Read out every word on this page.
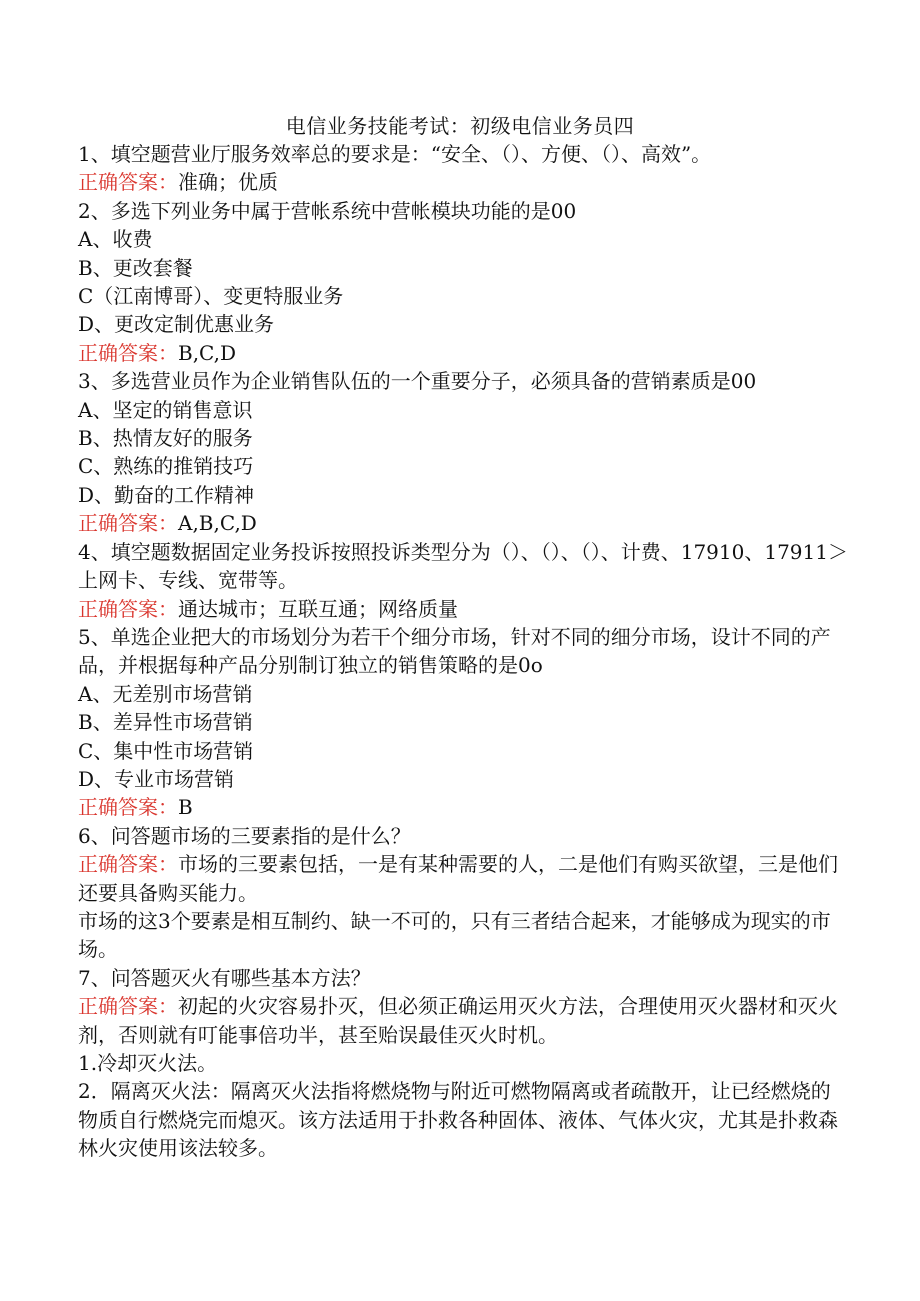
电信业务技能考试：初级电信业务员四
1、填空题营业厅服务效率总的要求是：“安全、（）、方便、（）、高效”。
正确答案：准确；优质
2、多选下列业务中属于营帐系统中营帐模块功能的是00
A、收费
B、更改套餐
C（江南博哥）、变更特服业务
D、更改定制优惠业务
正确答案：B,C,D
3、多选营业员作为企业销售队伍的一个重要分子，必须具备的营销素质是00
A、坚定的销售意识
B、热情友好的服务
C、熟练的推销技巧
D、勤奋的工作精神
正确答案：A,B,C,D
4、填空题数据固定业务投诉按照投诉类型分为（）、（）、（）、计费、17910、17911＞上网卡、专线、宽带等。
正确答案：通达城市；互联互通；网络质量
5、单选企业把大的市场划分为若干个细分市场，针对不同的细分市场，设计不同的产品，并根据每种产品分别制订独立的销售策略的是0o
A、无差别市场营销
B、差异性市场营销
C、集中性市场营销
D、专业市场营销
正确答案：B
6、问答题市场的三要素指的是什么？
正确答案：市场的三要素包括，一是有某种需要的人，二是他们有购买欲望，三是他们还要具备购买能力。
市场的这3个要素是相互制约、缺一不可的，只有三者结合起来，才能够成为现实的市场。
7、问答题灭火有哪些基本方法？
正确答案：初起的火灾容易扑灭，但必须正确运用灭火方法，合理使用灭火器材和灭火剂，否则就有叮能事倍功半，甚至贻误最佳灭火时机。
1.冷却灭火法。
2．隔离灭火法：隔离灭火法指将燃烧物与附近可燃物隔离或者疏散开，让已经燃烧的物质自行燃烧完而熄灭。该方法适用于扑救各种固体、液体、气体火灾，尤其是扑救森林火灾使用该法较多。
